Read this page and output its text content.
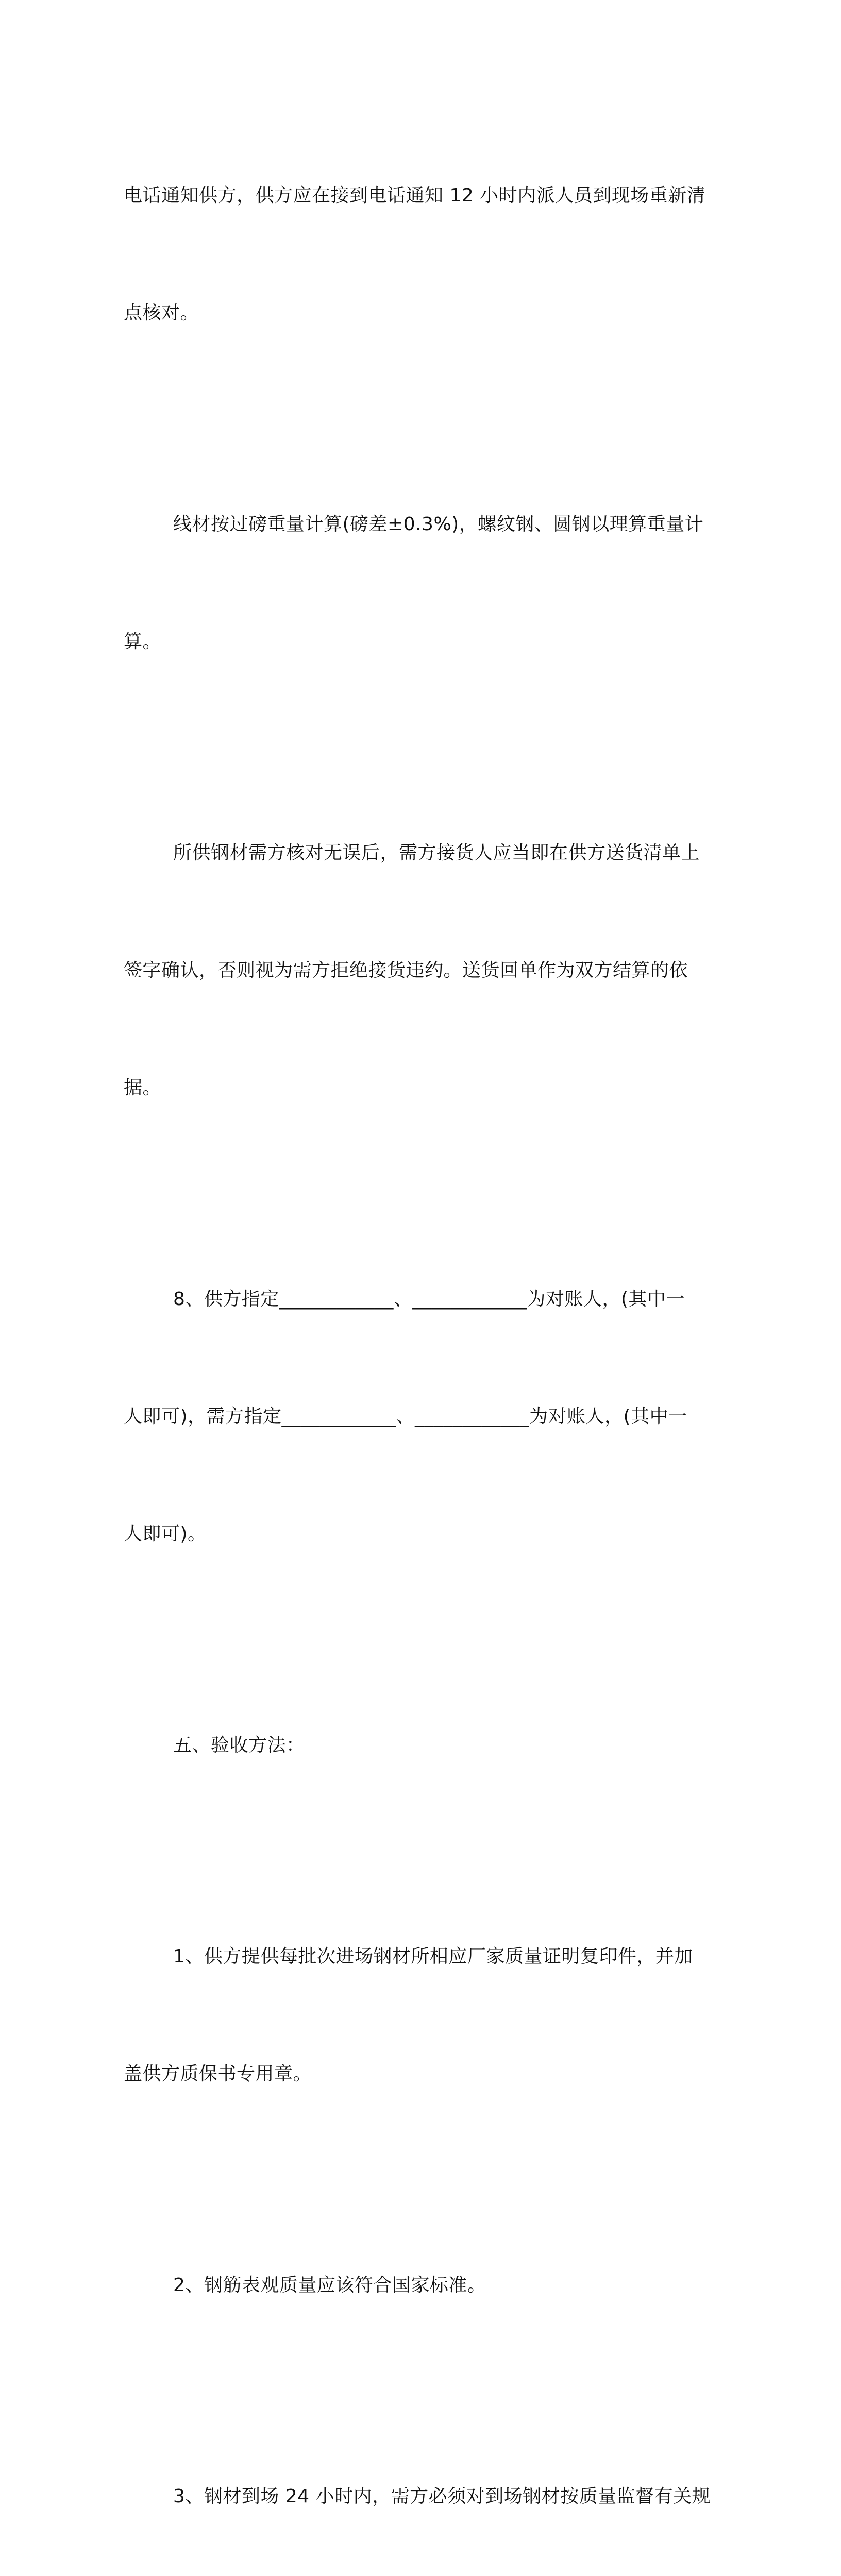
电话通知供方，供方应在接到电话通知 12 小时内派人员到现场重新清

点核对。

线材按过磅重量计算(磅差±0.3%)，螺纹钢、圆钢以理算重量计

算。

所供钢材需方核对无误后，需方接货人应当即在供方送货清单上

签字确认，否则视为需方拒绝接货违约。送货回单作为双方结算的依

据。

8、供方指定____________、____________为对账人，(其中一

人即可)，需方指定____________、____________为对账人，(其中一

人即可)。

五、验收方法：

1、供方提供每批次进场钢材所相应厂家质量证明复印件，并加

盖供方质保书专用章。

2、钢筋表观质量应该符合国家标准。

3、钢材到场 24 小时内，需方必须对到场钢材按质量监督有关规
